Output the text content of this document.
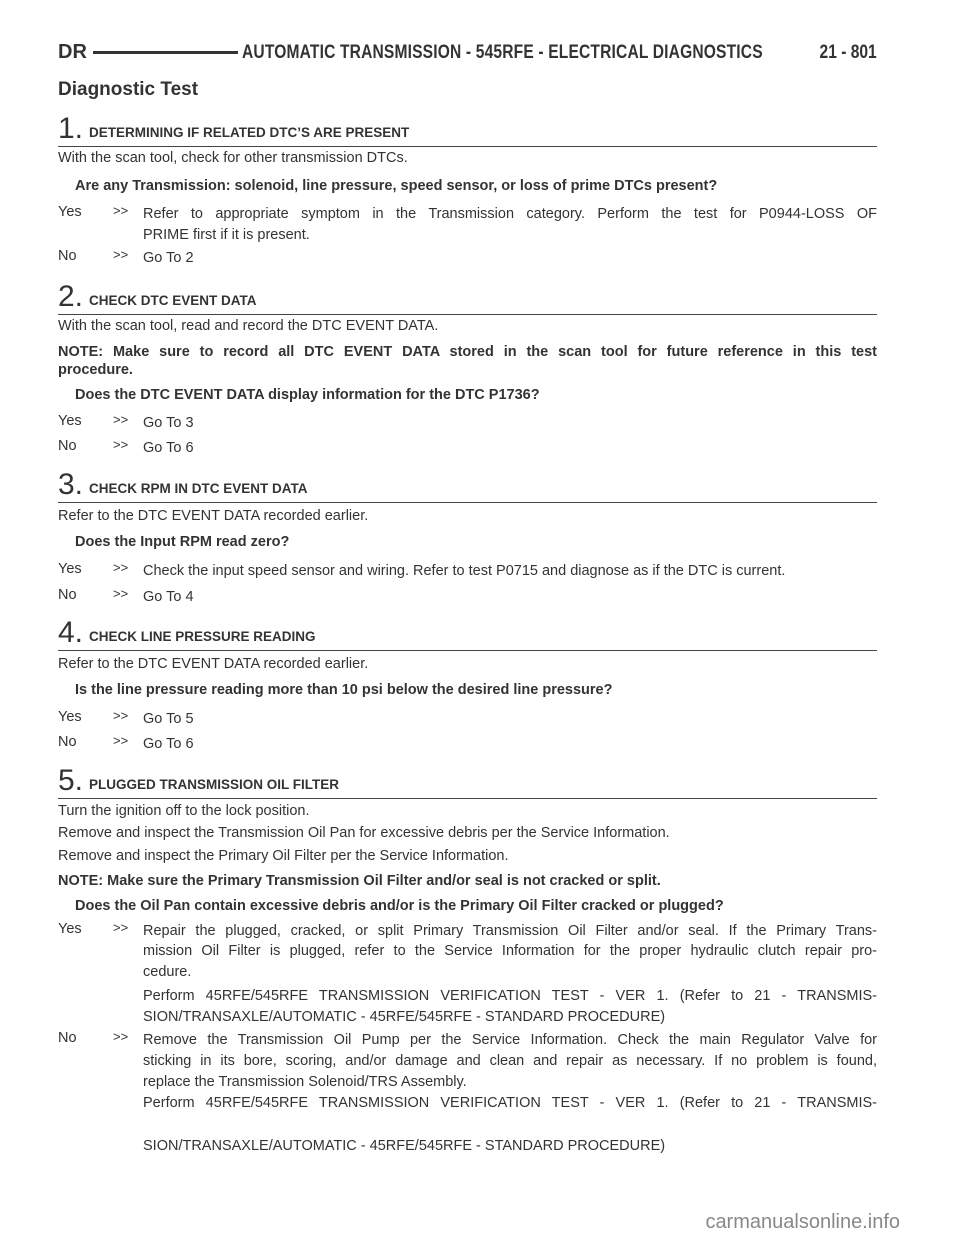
DR	AUTOMATIC TRANSMISSION - 545RFE - ELECTRICAL DIAGNOSTICS	21 - 801
Diagnostic Test
1. DETERMINING IF RELATED DTC’S ARE PRESENT
With the scan tool, check for other transmission DTCs.
Are any Transmission: solenoid, line pressure, speed sensor, or loss of prime DTCs present?
Yes >> Refer to appropriate symptom in the Transmission category. Perform the test for P0944-LOSS OF
PRIME first if it is present.
No	>> Go To 2
2. CHECK DTC EVENT DATA
With the scan tool, read and record the DTC EVENT DATA.
NOTE: Make sure to record all DTC EVENT DATA stored in the scan tool for future reference in this test
procedure.
Does the DTC EVENT DATA display information for the DTC P1736?
Yes >> Go To 3
No	>> Go To 6
3. CHECK RPM IN DTC EVENT DATA
Refer to the DTC EVENT DATA recorded earlier.
Does the Input RPM read zero?
Yes >> Check the input speed sensor and wiring. Refer to test P0715 and diagnose as if the DTC is current.
No	>> Go To 4
4. CHECK LINE PRESSURE READING
Refer to the DTC EVENT DATA recorded earlier.
Is the line pressure reading more than 10 psi below the desired line pressure?
Yes >> Go To 5
No	>> Go To 6
5. PLUGGED TRANSMISSION OIL FILTER
Turn the ignition off to the lock position.
Remove and inspect the Transmission Oil Pan for excessive debris per the Service Information.
Remove and inspect the Primary Oil Filter per the Service Information.
NOTE: Make sure the Primary Transmission Oil Filter and/or seal is not cracked or split.
Does the Oil Pan contain excessive debris and/or is the Primary Oil Filter cracked or plugged?
Yes >> Repair the plugged, cracked, or split Primary Transmission Oil Filter and/or seal. If the Primary Trans-
mission Oil Filter is plugged, refer to the Service Information for the proper hydraulic clutch repair pro-
cedure.
Perform 45RFE/545RFE TRANSMISSION VERIFICATION TEST - VER 1. (Refer to 21 - TRANSMIS-
SION/TRANSAXLE/AUTOMATIC - 45RFE/545RFE - STANDARD PROCEDURE)
No	>> Remove the Transmission Oil Pump per the Service Information. Check the main Regulator Valve for
sticking in its bore, scoring, and/or damage and clean and repair as necessary. If no problem is found,
replace the Transmission Solenoid/TRS Assembly.
Perform 45RFE/545RFE TRANSMISSION VERIFICATION TEST - VER 1. (Refer to 21 - TRANSMIS-
SION/TRANSAXLE/AUTOMATIC - 45RFE/545RFE - STANDARD PROCEDURE)
carmanualsonline.info
